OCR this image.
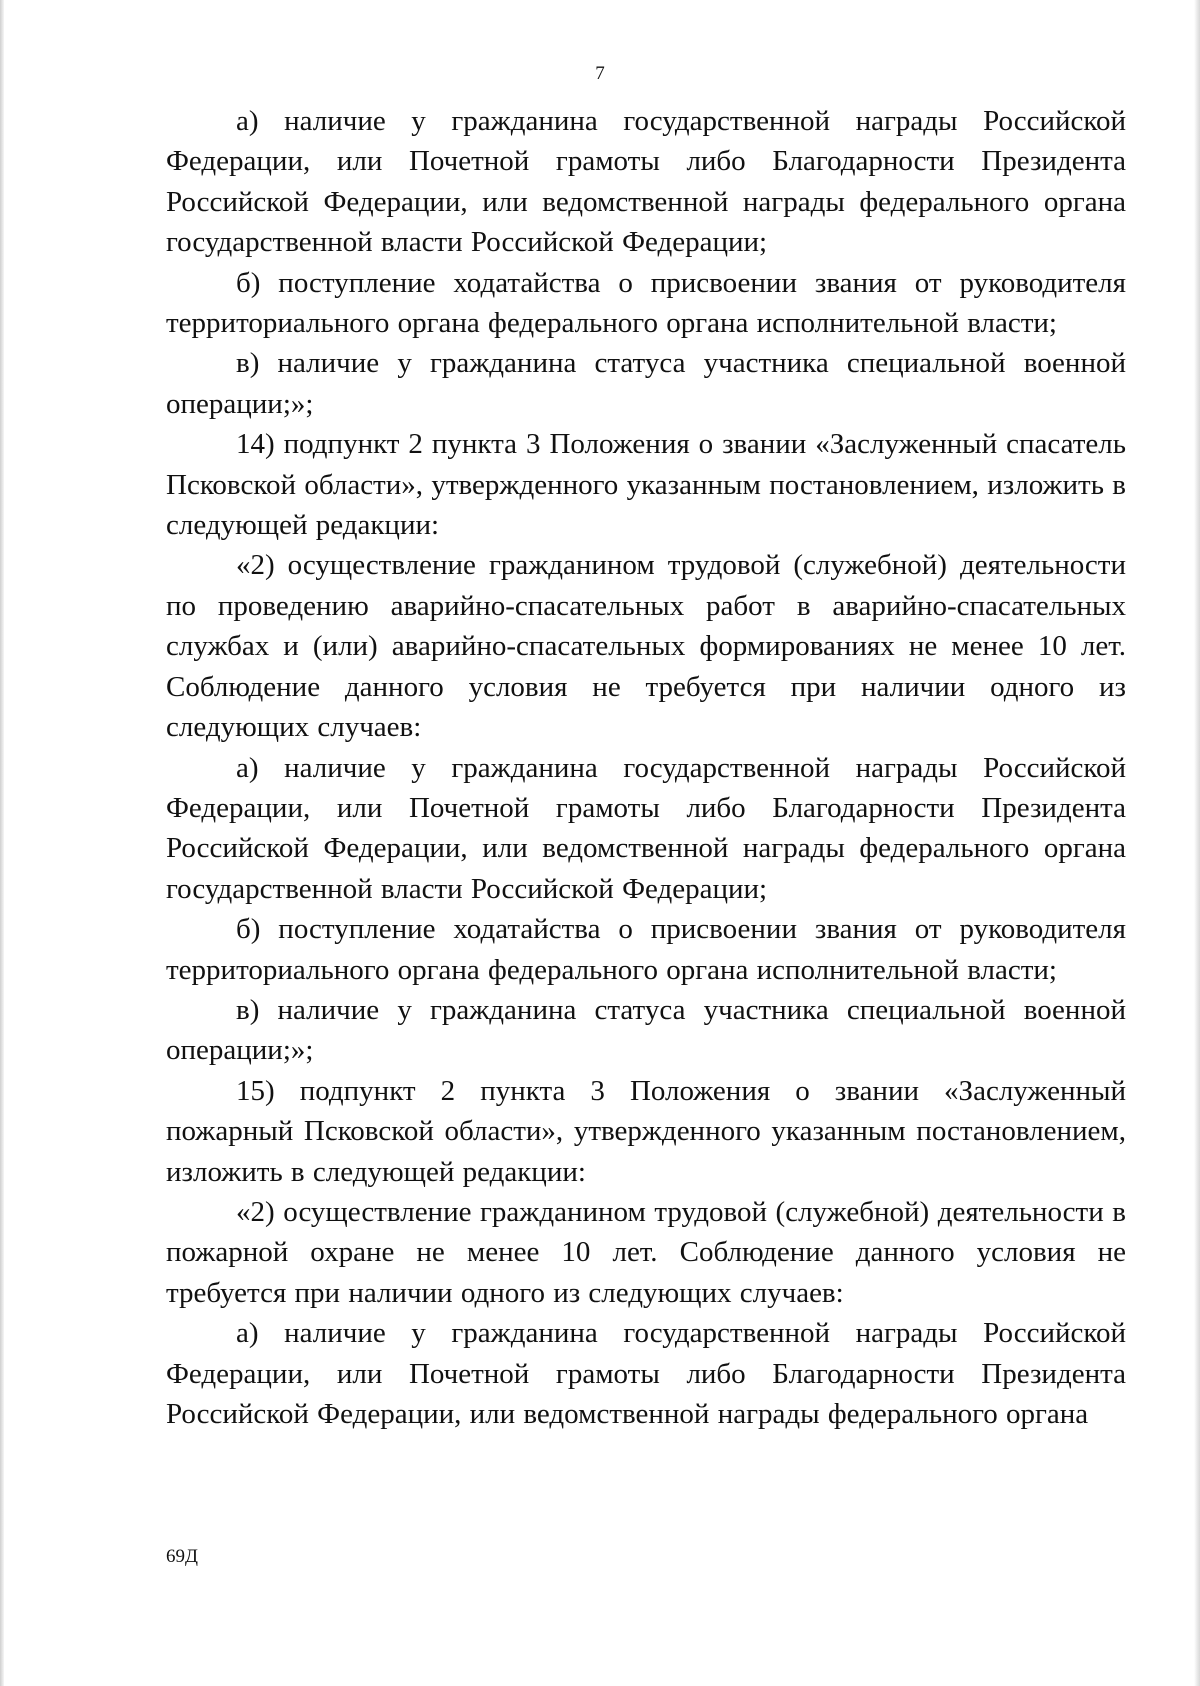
7

а) наличие у гражданина государственной награды Российской Федерации, или Почетной грамоты либо Благодарности Президента Российской Федерации, или ведомственной награды федерального органа государственной власти Российской Федерации;

б) поступление ходатайства о присвоении звания от руководителя территориального органа федерального органа исполнительной власти;

в) наличие у гражданина статуса участника специальной военной операции;»;

14) подпункт 2 пункта 3 Положения о звании «Заслуженный спасатель Псковской области», утвержденного указанным постановлением, изложить в следующей редакции:

«2) осуществление гражданином трудовой (служебной) деятельности по проведению аварийно-спасательных работ в аварийно-спасательных службах и (или) аварийно-спасательных формированиях не менее 10 лет. Соблюдение данного условия не требуется при наличии одного из следующих случаев:

а) наличие у гражданина государственной награды Российской Федерации, или Почетной грамоты либо Благодарности Президента Российской Федерации, или ведомственной награды федерального органа государственной власти Российской Федерации;

б) поступление ходатайства о присвоении звания от руководителя территориального органа федерального органа исполнительной власти;

в) наличие у гражданина статуса участника специальной военной операции;»;

15) подпункт 2 пункта 3 Положения о звании «Заслуженный пожарный Псковской области», утвержденного указанным постановлением, изложить в следующей редакции:

«2) осуществление гражданином трудовой (служебной) деятельности в пожарной охране не менее 10 лет. Соблюдение данного условия не требуется при наличии одного из следующих случаев:

а) наличие у гражданина государственной награды Российской Федерации, или Почетной грамоты либо Благодарности Президента Российской Федерации, или ведомственной награды федерального органа

69Д
